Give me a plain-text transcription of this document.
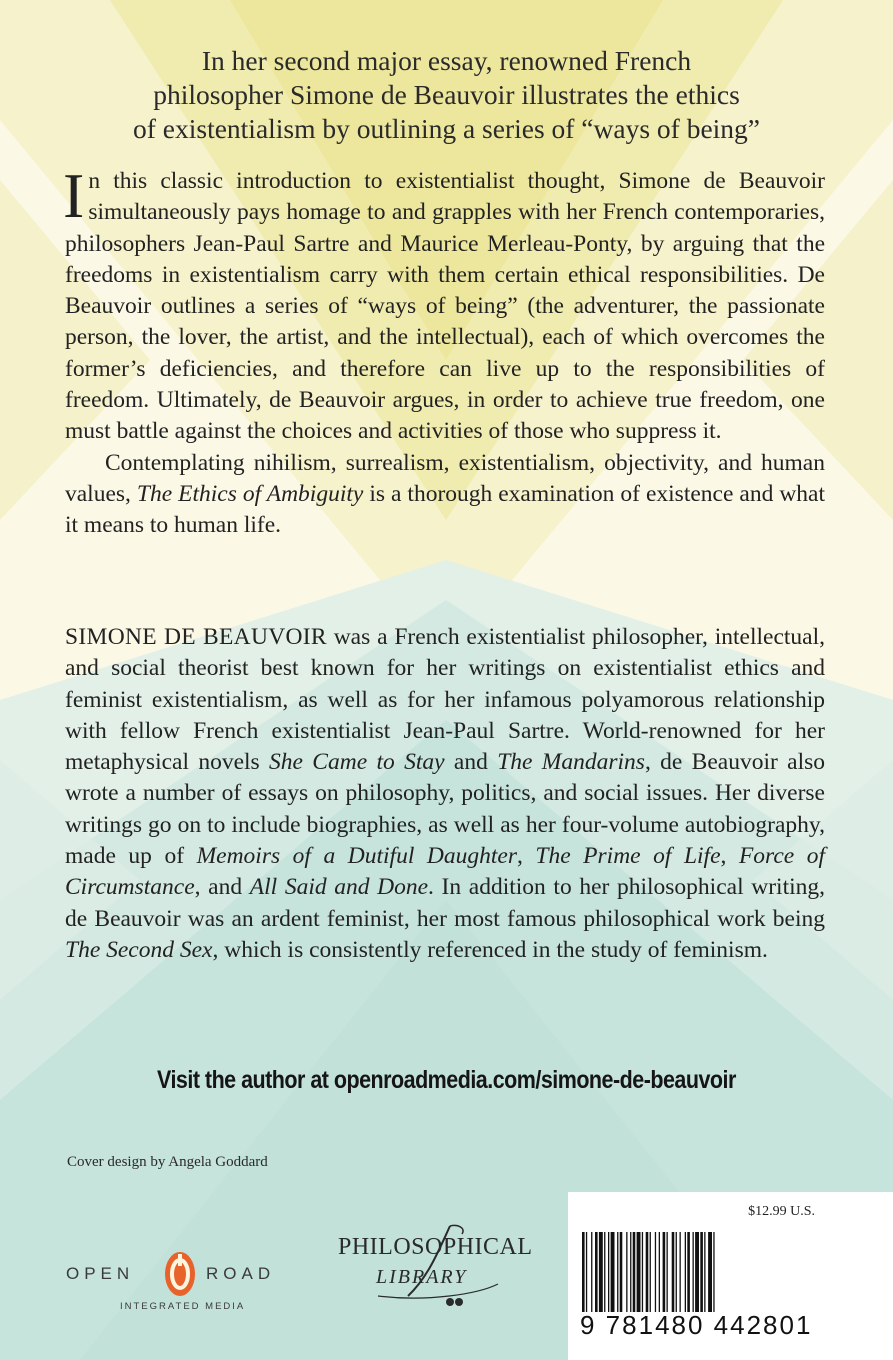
In her second major essay, renowned French
philosopher Simone de Beauvoir illustrates the ethics
of existentialism by outlining a series of “ways of being”

In this classic introduction to existentialist thought, Simone de Beauvoir simultaneously pays homage to and grapples with her French contemporaries, philosophers Jean-Paul Sartre and Maurice Merleau-Ponty, by arguing that the freedoms in existentialism carry with them certain ethical responsibilities. De Beauvoir outlines a series of “ways of being” (the adventurer, the passionate person, the lover, the artist, and the intellectual), each of which overcomes the former’s deficiencies, and therefore can live up to the responsibilities of freedom. Ultimately, de Beauvoir argues, in order to achieve true freedom, one must battle against the choices and activities of those who suppress it.

Contemplating nihilism, surrealism, existentialism, objectivity, and human values, The Ethics of Ambiguity is a thorough examination of existence and what it means to human life.

SIMONE DE BEAUVOIR was a French existentialist philosopher, intellectual, and social theorist best known for her writings on existentialist ethics and feminist existentialism, as well as for her infamous polyamorous relationship with fellow French existentialist Jean-Paul Sartre. World-renowned for her metaphysical novels She Came to Stay and The Mandarins, de Beauvoir also wrote a number of essays on philosophy, politics, and social issues. Her diverse writings go on to include biographies, as well as her four-volume autobiography, made up of Memoirs of a Dutiful Daughter, The Prime of Life, Force of Circumstance, and All Said and Done. In addition to her philosophical writing, de Beauvoir was an ardent feminist, her most famous philosophical work being The Second Sex, which is consistently referenced in the study of feminism.

Visit the author at openroadmedia.com/simone-de-beauvoir
Cover design by Angela Goddard
OPEN	ROAD
INTEGRATED MEDIA
PHILOSOPHICAL
LIBRARY
$12.99 U.S.
9 781480 442801
